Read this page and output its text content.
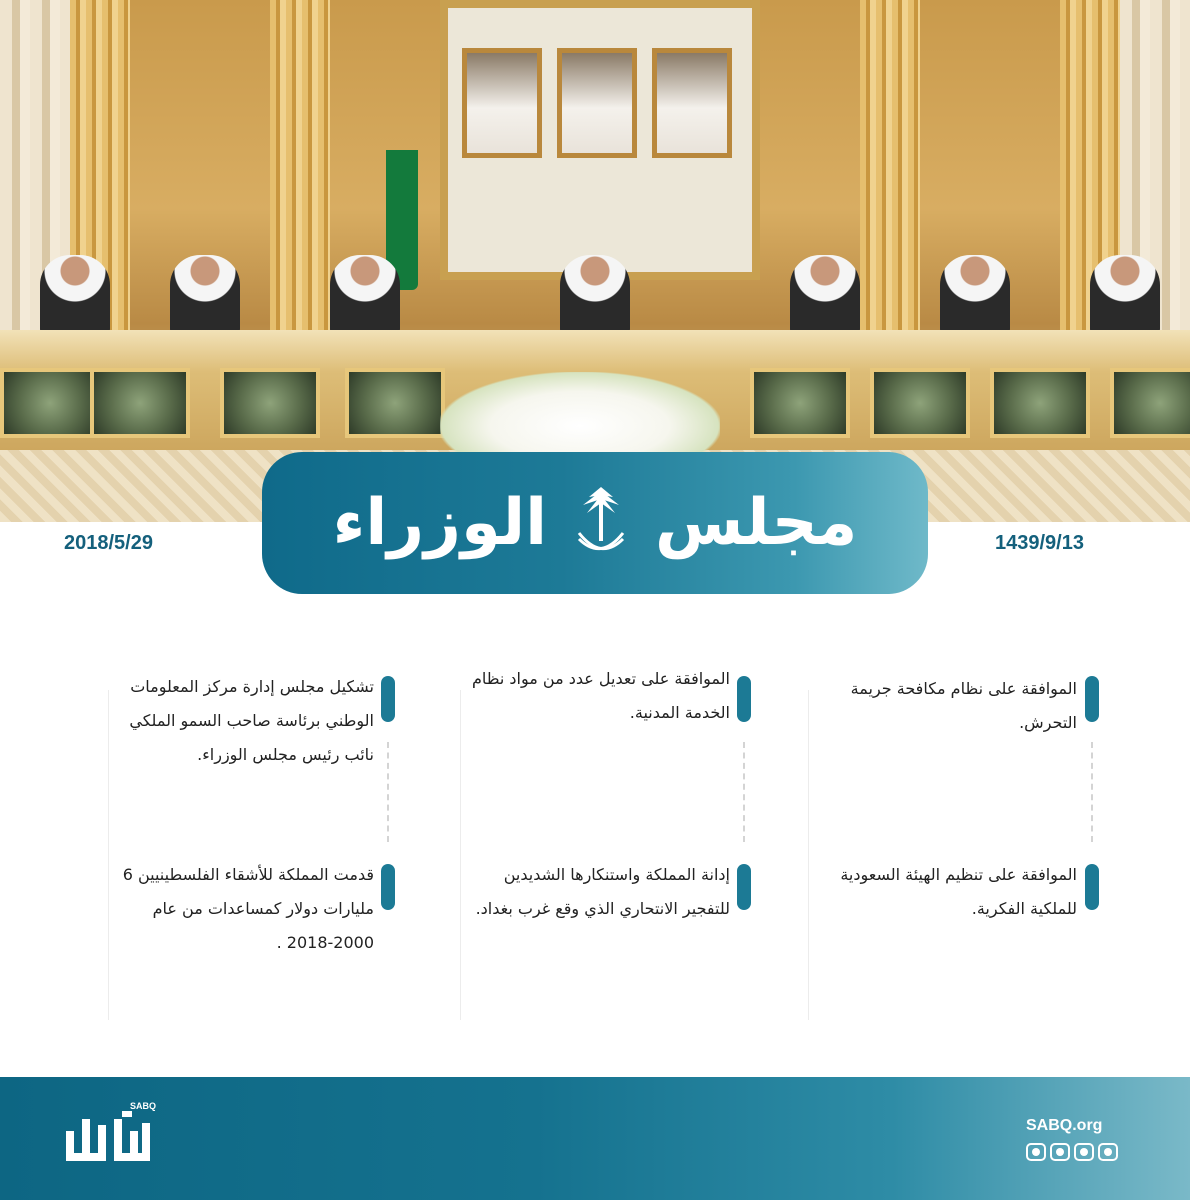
مجلس
الوزراء
2018/5/29	1439/9/13
الموافقة على نظام مكافحة جريمة التحرش.
الموافقة على تنظيم الهيئة السعودية للملكية الفكرية.
الموافقة على تعديل عدد من مواد نظام الخدمة المدنية.
إدانة المملكة واستنكارها الشديدين للتفجير الانتحاري الذي وقع غرب بغداد.
تشكيل مجلس إدارة مركز المعلومات الوطني برئاسة صاحب السمو الملكي نائب رئيس مجلس الوزراء.
قدمت المملكة للأشقاء الفلسطينيين 6 مليارات دولار كمساعدات من عام 2000-2018 .
SABQ
SABQ.org
